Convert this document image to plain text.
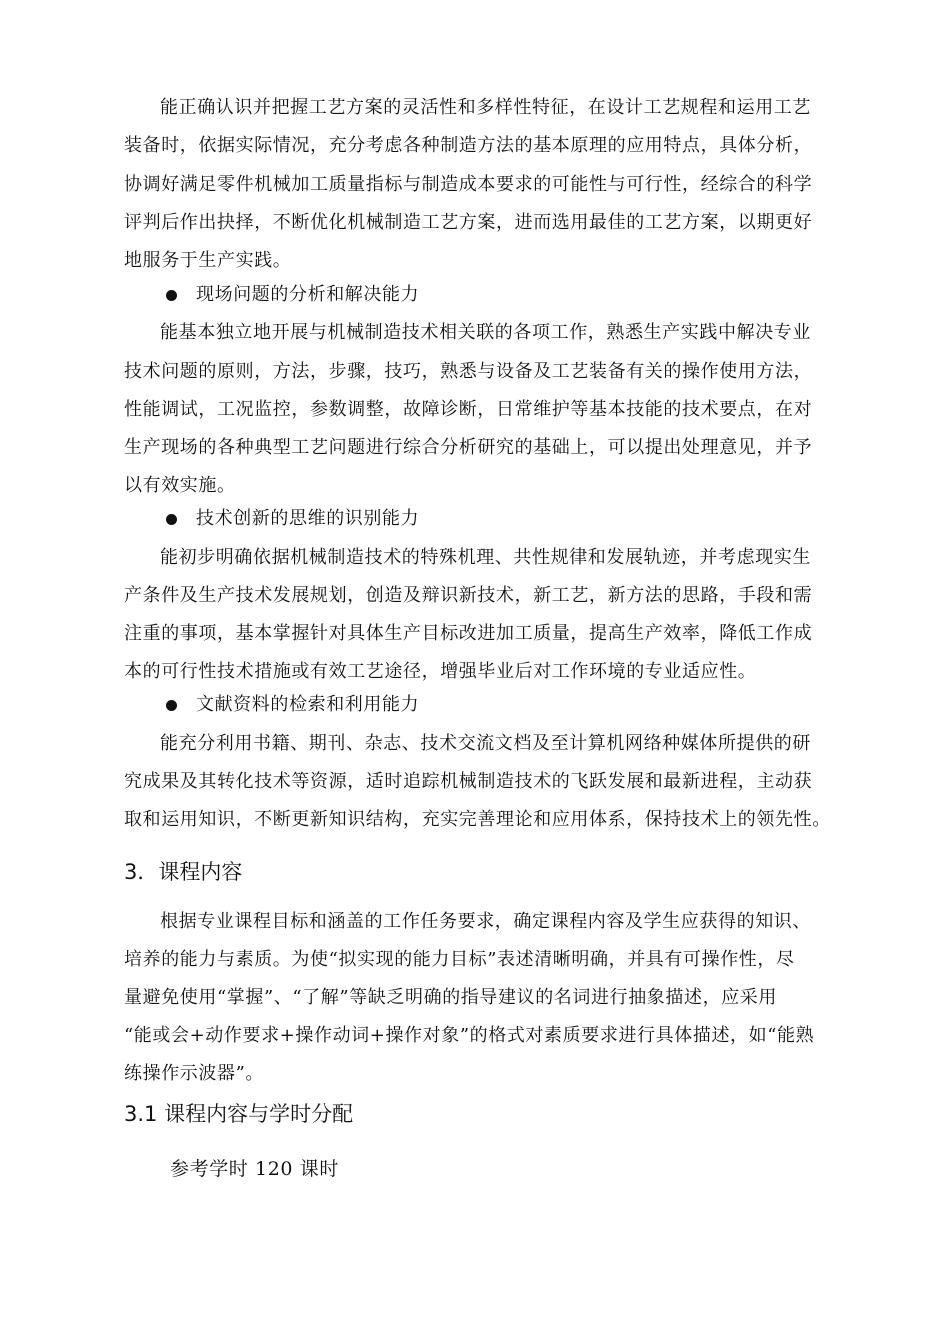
能正确认识并把握工艺方案的灵活性和多样性特征，在设计工艺规程和运用工艺
装备时，依据实际情况，充分考虑各种制造方法的基本原理的应用特点，具体分析，
协调好满足零件机械加工质量指标与制造成本要求的可能性与可行性，经综合的科学
评判后作出抉择，不断优化机械制造工艺方案，进而选用最佳的工艺方案，以期更好
地服务于生产实践。
现场问题的分析和解决能力
能基本独立地开展与机械制造技术相关联的各项工作，熟悉生产实践中解决专业
技术问题的原则，方法，步骤，技巧，熟悉与设备及工艺装备有关的操作使用方法，
性能调试，工况监控，参数调整，故障诊断，日常维护等基本技能的技术要点，在对
生产现场的各种典型工艺问题进行综合分析研究的基础上，可以提出处理意见，并予
以有效实施。
技术创新的思维的识别能力
能初步明确依据机械制造技术的特殊机理、共性规律和发展轨迹，并考虑现实生
产条件及生产技术发展规划，创造及辩识新技术，新工艺，新方法的思路，手段和需
注重的事项，基本掌握针对具体生产目标改进加工质量，提高生产效率，降低工作成
本的可行性技术措施或有效工艺途径，增强毕业后对工作环境的专业适应性。
文献资料的检索和利用能力
能充分利用书籍、期刊、杂志、技术交流文档及至计算机网络种媒体所提供的研
究成果及其转化技术等资源，适时追踪机械制造技术的飞跃发展和最新进程，主动获
取和运用知识，不断更新知识结构，充实完善理论和应用体系，保持技术上的领先性。
3．课程内容
根据专业课程目标和涵盖的工作任务要求，确定课程内容及学生应获得的知识、
培养的能力与素质。为使“拟实现的能力目标”表述清晰明确，并具有可操作性，尽
量避免使用“掌握”、“了解”等缺乏明确的指导建议的名词进行抽象描述，应采用
“能或会+动作要求+操作动词+操作对象”的格式对素质要求进行具体描述，如“能熟
练操作示波器”。
3.1 课程内容与学时分配
参考学时 120 课时
